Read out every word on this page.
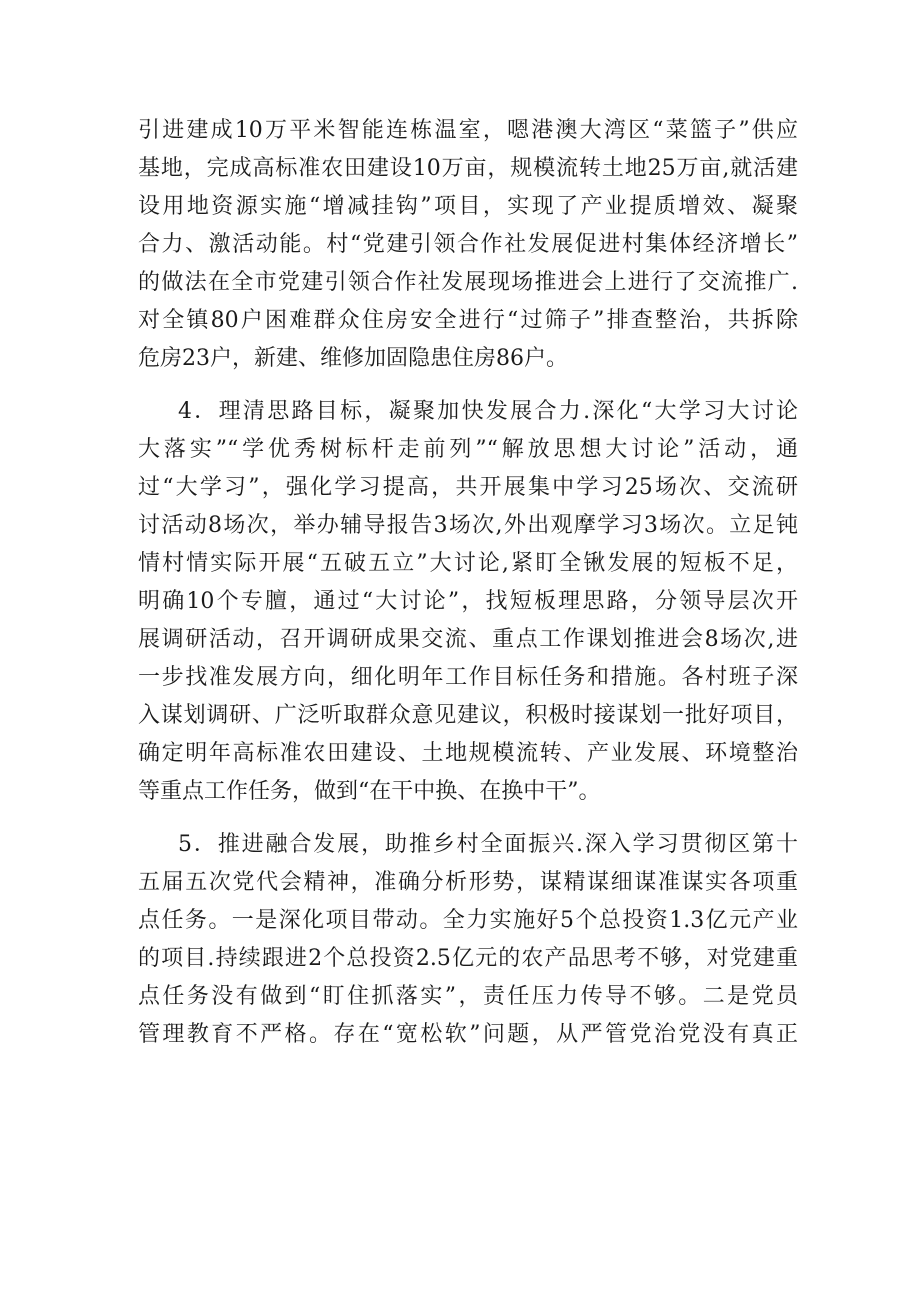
引进建成10万平米智能连栋温室，嗯港澳大湾区“菜篮子”供应
基地，完成高标准农田建设10万亩，规模流转土地25万亩,就活建
设用地资源实施“增减挂钩”项目，实现了产业提质增效、凝聚
合力、激活动能。村“党建引领合作社发展促进村集体经济增长”
的做法在全市党建引领合作社发展现场推进会上进行了交流推广.
对全镇80户困难群众住房安全进行“过筛子”排查整治，共拆除
危房23户，新建、维修加固隐患住房86户。
4．理清思路目标，凝聚加快发展合力.深化“大学习大讨论
大落实”“学优秀树标杆走前列”“解放思想大讨论”活动，通
过“大学习”，强化学习提高，共开展集中学习25场次、交流研
讨活动8场次，举办辅导报告3场次,外出观摩学习3场次。立足钝
情村情实际开展“五破五立”大讨论,紧盯全锹发展的短板不足，
明确10个专膻，通过“大讨论”，找短板理思路，分领导层次开
展调研活动，召开调研成果交流、重点工作课划推进会8场次,进
一步找准发展方向，细化明年工作目标任务和措施。各村班子深
入谋划调研、广泛听取群众意见建议，积极时接谋划一批好项目，
确定明年高标准农田建设、土地规模流转、产业发展、环境整治
等重点工作任务，做到“在干中换、在换中干”。
5．推进融合发展，助推乡村全面振兴.深入学习贯彻区第十
五届五次党代会精神，准确分析形势，谋精谋细谋准谋实各项重
点任务。一是深化项目带动。全力实施好5个总投资1.3亿元产业
的项目.持续跟进2个总投资2.5亿元的农产品思考不够，对党建重
点任务没有做到“盯住抓落实”，责任压力传导不够。二是党员
管理教育不严格。存在“宽松软”问题，从严管党治党没有真正
